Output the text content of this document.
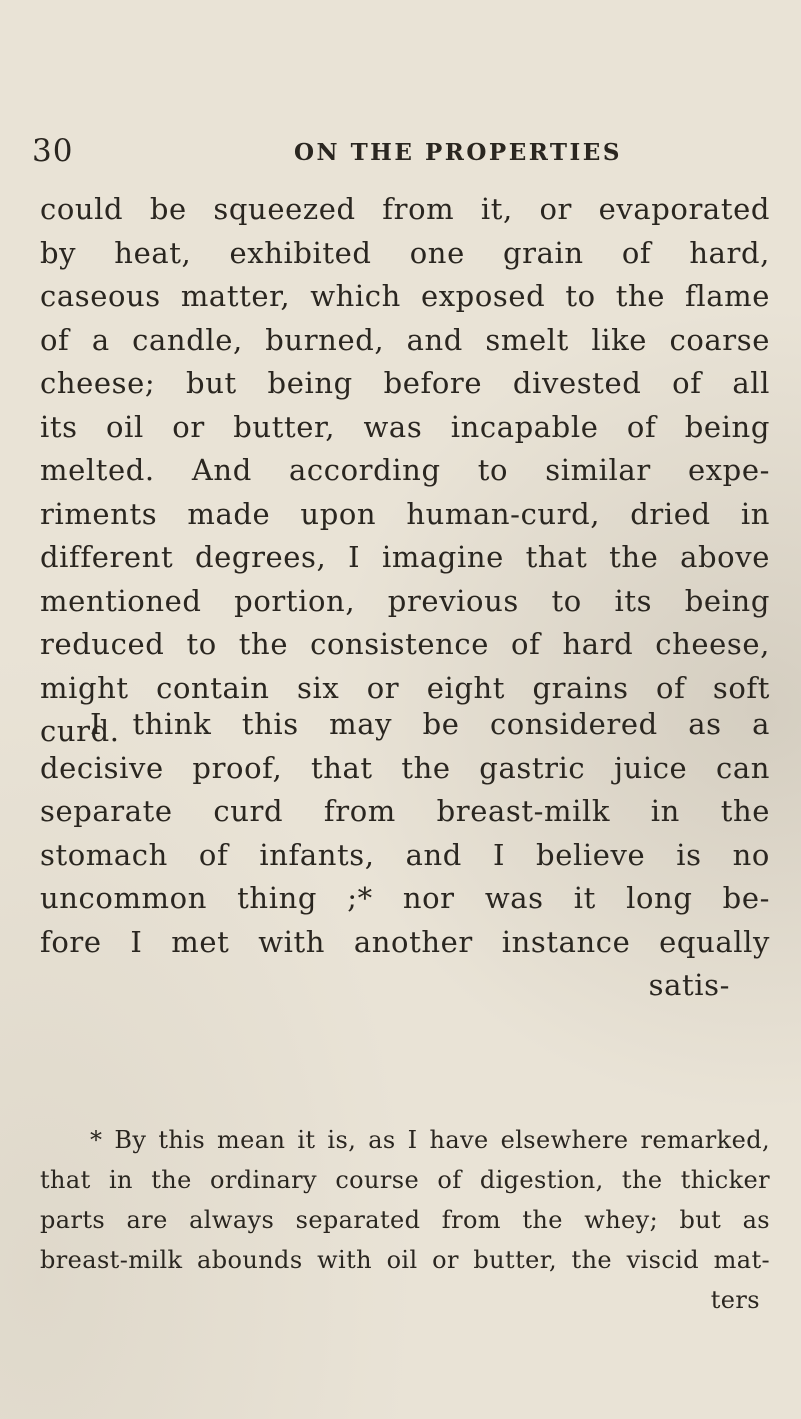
30	ON THE PROPERTIES
could be squeezed from it, or evaporated
by heat, exhibited one grain of hard,
caseous matter, which exposed to the flame
of a candle, burned, and smelt like coarse
cheese; but being before divested of all
its oil or butter, was incapable of being
melted. And according to similar expe-
riments made upon human-curd, dried in
different degrees, I imagine that the above
mentioned portion, previous to its being
reduced to the consistence of hard cheese,
might contain six or eight grains of soft
curd.
I think this may be considered as a
decisive proof, that the gastric juice can
separate curd from breast-milk in the
stomach of infants, and I believe is no
uncommon thing ;* nor was it long be-
fore I met with another instance equally
satis-
* By this mean it is, as I have elsewhere remarked,
that in the ordinary course of digestion, the thicker
parts are always separated from the whey; but as
breast-milk abounds with oil or butter, the viscid mat-
ters
